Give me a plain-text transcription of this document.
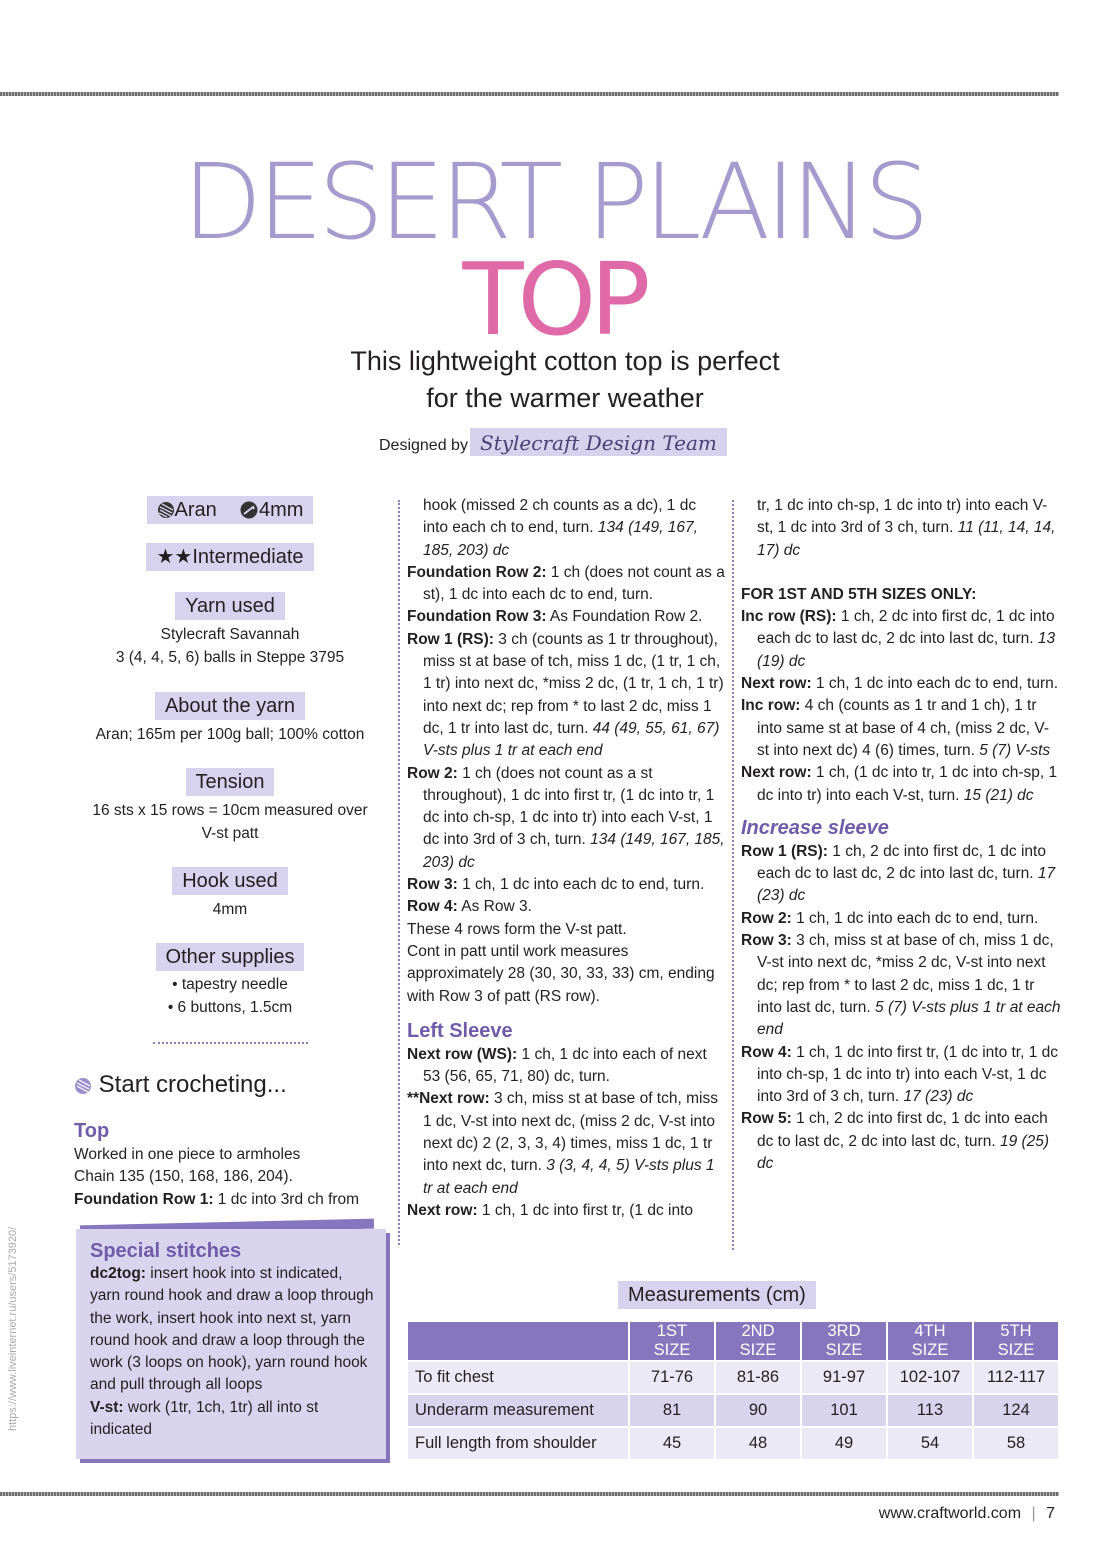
DESERT PLAINS
TOP
This lightweight cotton top is perfect
for the warmer weather
Designed by Stylecraft Design Team
Aran 4mm
★★Intermediate
Yarn used
Stylecraft Savannah
3 (4, 4, 5, 6) balls in Steppe 3795
About the yarn
Aran; 165m per 100g ball; 100% cotton
Tension
16 sts x 15 rows = 10cm measured over
V-st patt
Hook used
4mm
Other supplies
• tapestry needle
• 6 buttons, 1.5cm
Start crocheting...
Top
Worked in one piece to armholes
Chain 135 (150, 168, 186, 204).
Foundation Row 1: 1 dc into 3rd ch from
Special stitches
dc2tog: insert hook into st indicated, yarn round hook and draw a loop through the work, insert hook into next st, yarn round hook and draw a loop through the work (3 loops on hook), yarn round hook and pull through all loops
V-st: work (1tr, 1ch, 1tr) all into st indicated
hook (missed 2 ch counts as a dc), 1 dc into each ch to end, turn. 134 (149, 167, 185, 203) dc
Foundation Row 2: 1 ch (does not count as a st), 1 dc into each dc to end, turn.
Foundation Row 3: As Foundation Row 2.
Row 1 (RS): 3 ch (counts as 1 tr throughout), miss st at base of tch, miss 1 dc, (1 tr, 1 ch, 1 tr) into next dc, *miss 2 dc, (1 tr, 1 ch, 1 tr) into next dc; rep from * to last 2 dc, miss 1 dc, 1 tr into last dc, turn. 44 (49, 55, 61, 67) V-sts plus 1 tr at each end
Row 2: 1 ch (does not count as a st throughout), 1 dc into first tr, (1 dc into tr, 1 dc into ch-sp, 1 dc into tr) into each V-st, 1 dc into 3rd of 3 ch, turn. 134 (149, 167, 185, 203) dc
Row 3: 1 ch, 1 dc into each dc to end, turn.
Row 4: As Row 3.
These 4 rows form the V-st patt.
Cont in patt until work measures approximately 28 (30, 30, 33, 33) cm, ending with Row 3 of patt (RS row).
Left Sleeve
Next row (WS): 1 ch, 1 dc into each of next 53 (56, 65, 71, 80) dc, turn.
**Next row: 3 ch, miss st at base of tch, miss 1 dc, V-st into next dc, (miss 2 dc, V-st into next dc) 2 (2, 3, 3, 4) times, miss 1 dc, 1 tr into next dc, turn. 3 (3, 4, 4, 5) V-sts plus 1 tr at each end
Next row: 1 ch, 1 dc into first tr, (1 dc into
tr, 1 dc into ch-sp, 1 dc into tr) into each V-st, 1 dc into 3rd of 3 ch, turn. 11 (11, 14, 14, 17) dc
FOR 1ST AND 5TH SIZES ONLY:
Inc row (RS): 1 ch, 2 dc into first dc, 1 dc into each dc to last dc, 2 dc into last dc, turn. 13 (19) dc
Next row: 1 ch, 1 dc into each dc to end, turn.
Inc row: 4 ch (counts as 1 tr and 1 ch), 1 tr into same st at base of 4 ch, (miss 2 dc, V-st into next dc) 4 (6) times, turn. 5 (7) V-sts
Next row: 1 ch, (1 dc into tr, 1 dc into ch-sp, 1 dc into tr) into each V-st, turn. 15 (21) dc
Increase sleeve
Row 1 (RS): 1 ch, 2 dc into first dc, 1 dc into each dc to last dc, 2 dc into last dc, turn. 17 (23) dc
Row 2: 1 ch, 1 dc into each dc to end, turn.
Row 3: 3 ch, miss st at base of ch, miss 1 dc, V-st into next dc, *miss 2 dc, V-st into next dc; rep from * to last 2 dc, miss 1 dc, 1 tr into last dc, turn. 5 (7) V-sts plus 1 tr at each end
Row 4: 1 ch, 1 dc into first tr, (1 dc into tr, 1 dc into ch-sp, 1 dc into tr) into each V-st, 1 dc into 3rd of 3 ch, turn. 17 (23) dc
Row 5: 1 ch, 2 dc into first dc, 1 dc into each dc to last dc, 2 dc into last dc, turn. 19 (25) dc
Measurements (cm)
	1ST SIZE	2ND SIZE	3RD SIZE	4TH SIZE	5TH SIZE
To fit chest	71-76	81-86	91-97	102-107	112-117
Underarm measurement	81	90	101	113	124
Full length from shoulder	45	48	49	54	58
www.craftworld.com | 7
https://www.liveinternet.ru/users/5173920/
